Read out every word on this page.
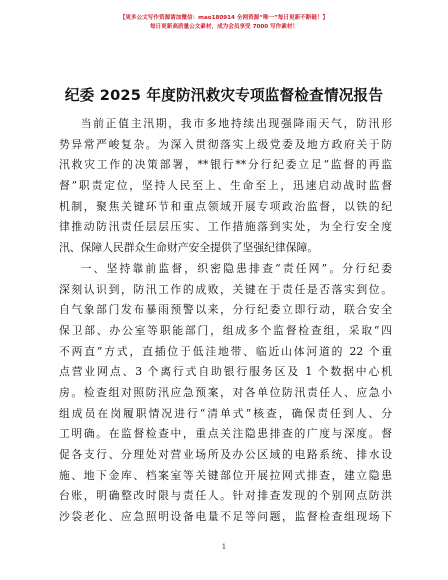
【更多公文写作资源请加微信：mao180914 全网资源“唯一”每日更新不断链！】
每日更新高质量公文素材，成为会员享受 7000 写作素材！
纪委 2025 年度防汛救灾专项监督检查情况报告
当前正值主汛期，我市多地持续出现强降雨天气，防汛形
势异常严峻复杂。为深入贯彻落实上级党委及地方政府关于防
汛救灾工作的决策部署，**银行**分行纪委立足“监督的再监
督”职责定位，坚持人民至上、生命至上，迅速启动战时监督
机制，聚焦关键环节和重点领域开展专项政治监督，以铁的纪
律推动防汛责任层层压实、工作措施落到实处，为全行安全度
汛、保障人民群众生命财产安全提供了坚强纪律保障。
一、坚持靠前监督，织密隐患排查“责任网”。分行纪委
深刻认识到，防汛工作的成败，关键在于责任是否落实到位。
自气象部门发布暴雨预警以来，分行纪委立即行动，联合安全
保卫部、办公室等职能部门，组成多个监督检查组，采取“四
不两直”方式，直插位于低洼地带、临近山体河道的 22 个重
点营业网点、3 个离行式自助银行服务区及 1 个数据中心机
房。检查组对照防汛应急预案，对各单位防汛责任人、应急小
组成员在岗履职情况进行“清单式”核查，确保责任到人、分
工明确。在监督检查中，重点关注隐患排查的广度与深度。督
促各支行、分理处对营业场所及办公区域的电路系统、排水设
施、地下金库、档案室等关键部位开展拉网式排查，建立隐患
台账，明确整改时限与责任人。针对排查发现的个别网点防洪
沙袋老化、应急照明设备电量不足等问题，监督检查组现场下
1
